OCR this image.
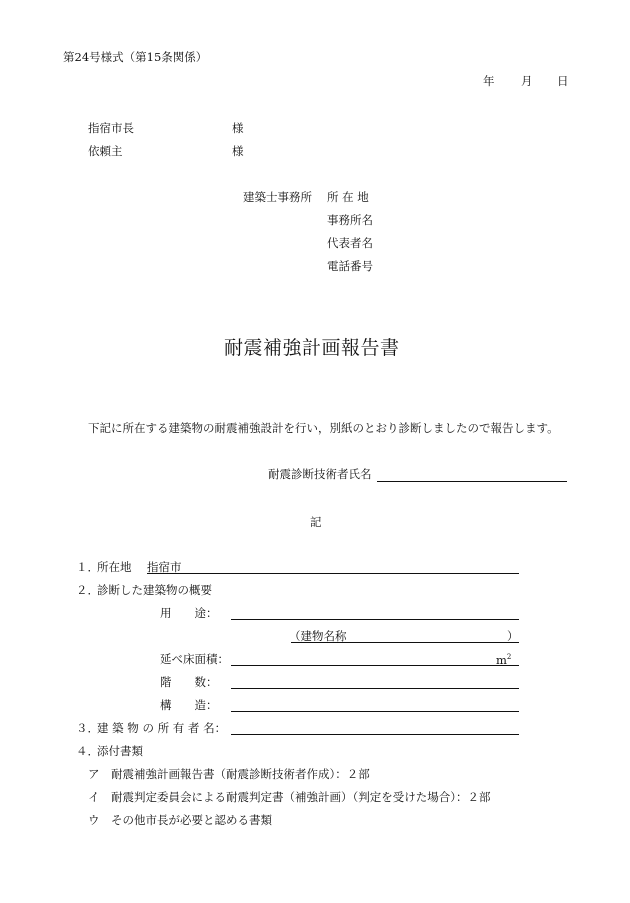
第24号様式（第15条関係）
年 月 日
指宿市長	様
依頼主	様
建築士事務所 所 在 地
事務所名
代表者名
電話番号
耐震補強計画報告書
下記に所在する建築物の耐震補強設計を行い，別紙のとおり診断しましたので報告します。
耐震診断技術者氏名
記
１．
所在地 指宿市
２．
診断した建築物の概要
用　　途：
（建物名称	）
延べ床面積：	$m^2$
階　　数：
構　　造：
３．
建 築 物 の 所 有 者 名：
４．
添付書類
ア 耐震補強計画報告書（耐震診断技術者作成）：２部
イ 耐震判定委員会による耐震判定書（補強計画）（判定を受けた場合）：２部
ウ その他市長が必要と認める書類
